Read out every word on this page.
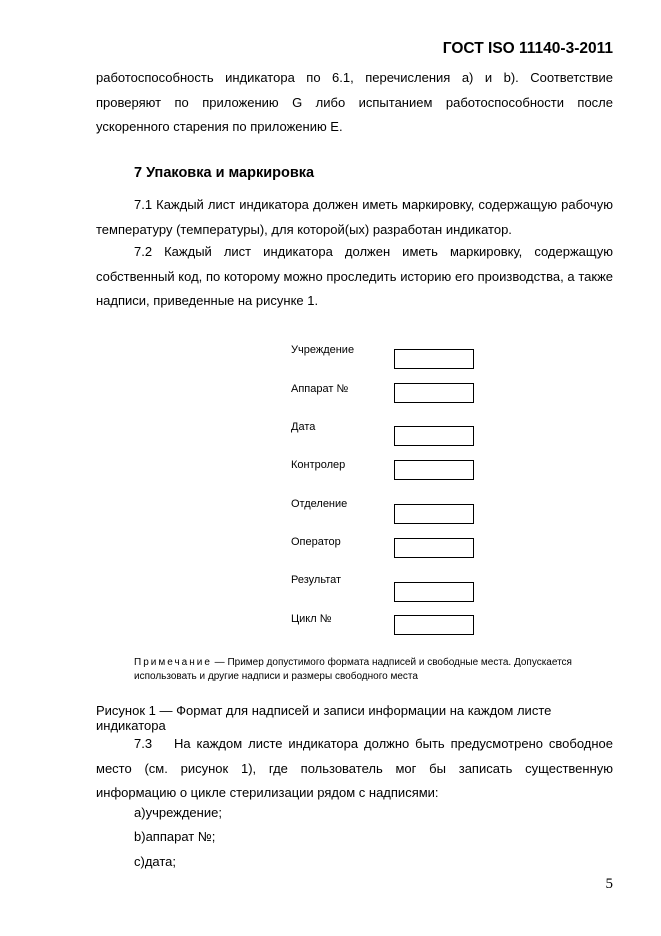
ГОСТ ISO 11140-3-2011
работоспособность индикатора по 6.1, перечисления а) и b). Соответствие проверяют по приложению G либо испытанием работоспособности после ускоренного старения по приложению Е.
7 Упаковка и маркировка
7.1 Каждый лист индикатора должен иметь маркировку, содержащую рабочую температуру (температуры), для которой(ых) разработан индикатор.
7.2 Каждый лист индикатора должен иметь маркировку, содержащую собственный код, по которому можно проследить историю его производства, а также надписи, приведенные на рисунке 1.
Учреждение
Аппарат №
Дата
Контролер
Отделение
Оператор
Результат
Цикл №
Примечание — Пример допустимого формата надписей и свободные места. Допускается использовать и другие надписи и размеры свободного места
Рисунок 1 — Формат для надписей и записи информации на каждом листе индикатора
7.3	На каждом листе индикатора должно быть предусмотрено свободное
место (см. рисунок 1), где пользователь мог бы записать существенную информацию о цикле стерилизации рядом с надписями:
a)учреждение;
b)аппарат №;
c)дата;
5
